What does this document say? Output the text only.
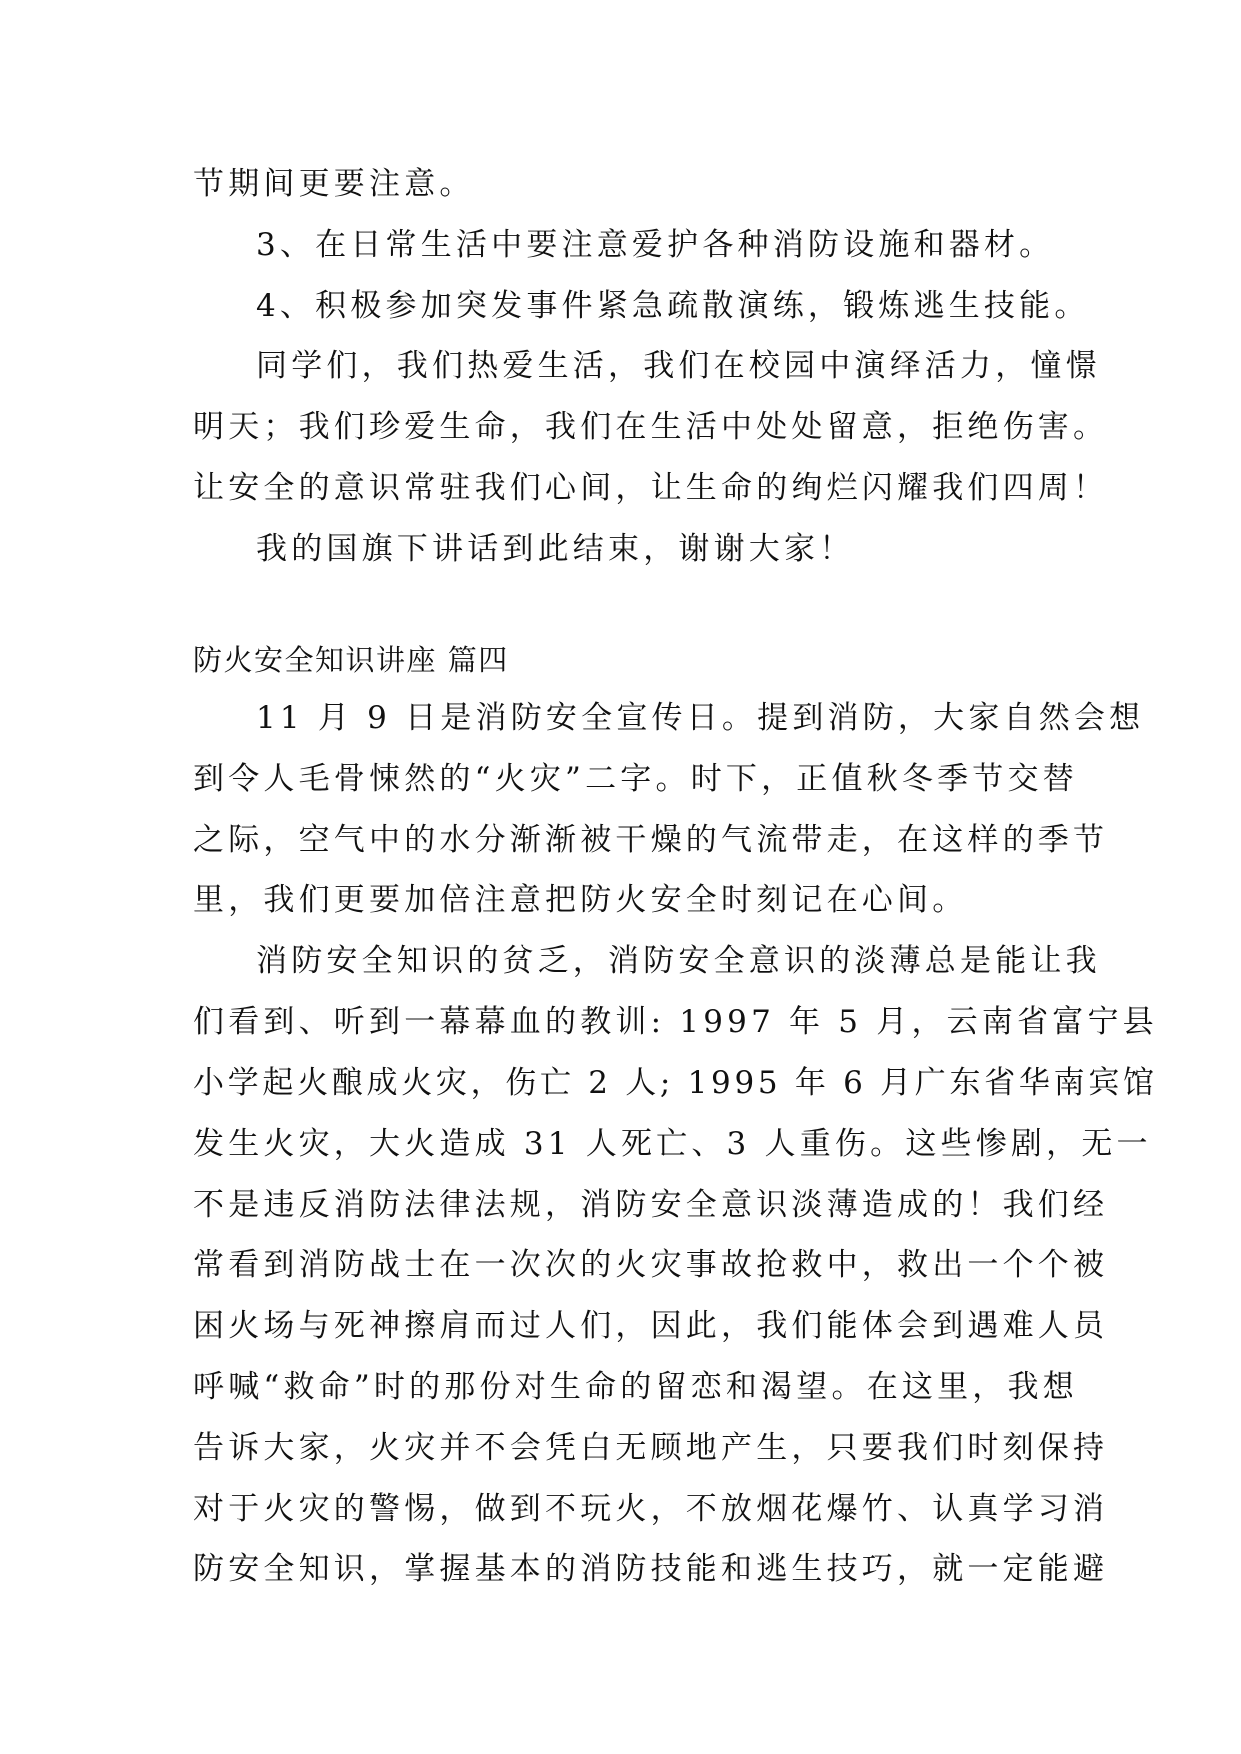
节期间更要注意。
3、在日常生活中要注意爱护各种消防设施和器材。
4、积极参加突发事件紧急疏散演练，锻炼逃生技能。
同学们，我们热爱生活，我们在校园中演绎活力，憧憬
明天；我们珍爱生命，我们在生活中处处留意，拒绝伤害。
让安全的意识常驻我们心间，让生命的绚烂闪耀我们四周！
我的国旗下讲话到此结束，谢谢大家！
防火安全知识讲座 篇四
11 月 9 日是消防安全宣传日。提到消防，大家自然会想
到令人毛骨悚然的“火灾”二字。时下，正值秋冬季节交替
之际，空气中的水分渐渐被干燥的气流带走，在这样的季节
里，我们更要加倍注意把防火安全时刻记在心间。
消防安全知识的贫乏，消防安全意识的淡薄总是能让我
们看到、听到一幕幕血的教训: 1997 年 5 月，云南省富宁县
小学起火酿成火灾，伤亡 2 人; 1995 年 6 月广东省华南宾馆
发生火灾，大火造成 31 人死亡、3 人重伤。这些惨剧，无一
不是违反消防法律法规，消防安全意识淡薄造成的！我们经
常看到消防战士在一次次的火灾事故抢救中，救出一个个被
困火场与死神擦肩而过人们，因此，我们能体会到遇难人员
呼喊“救命”时的那份对生命的留恋和渴望。在这里，我想
告诉大家，火灾并不会凭白无顾地产生，只要我们时刻保持
对于火灾的警惕，做到不玩火，不放烟花爆竹、认真学习消
防安全知识，掌握基本的消防技能和逃生技巧，就一定能避
